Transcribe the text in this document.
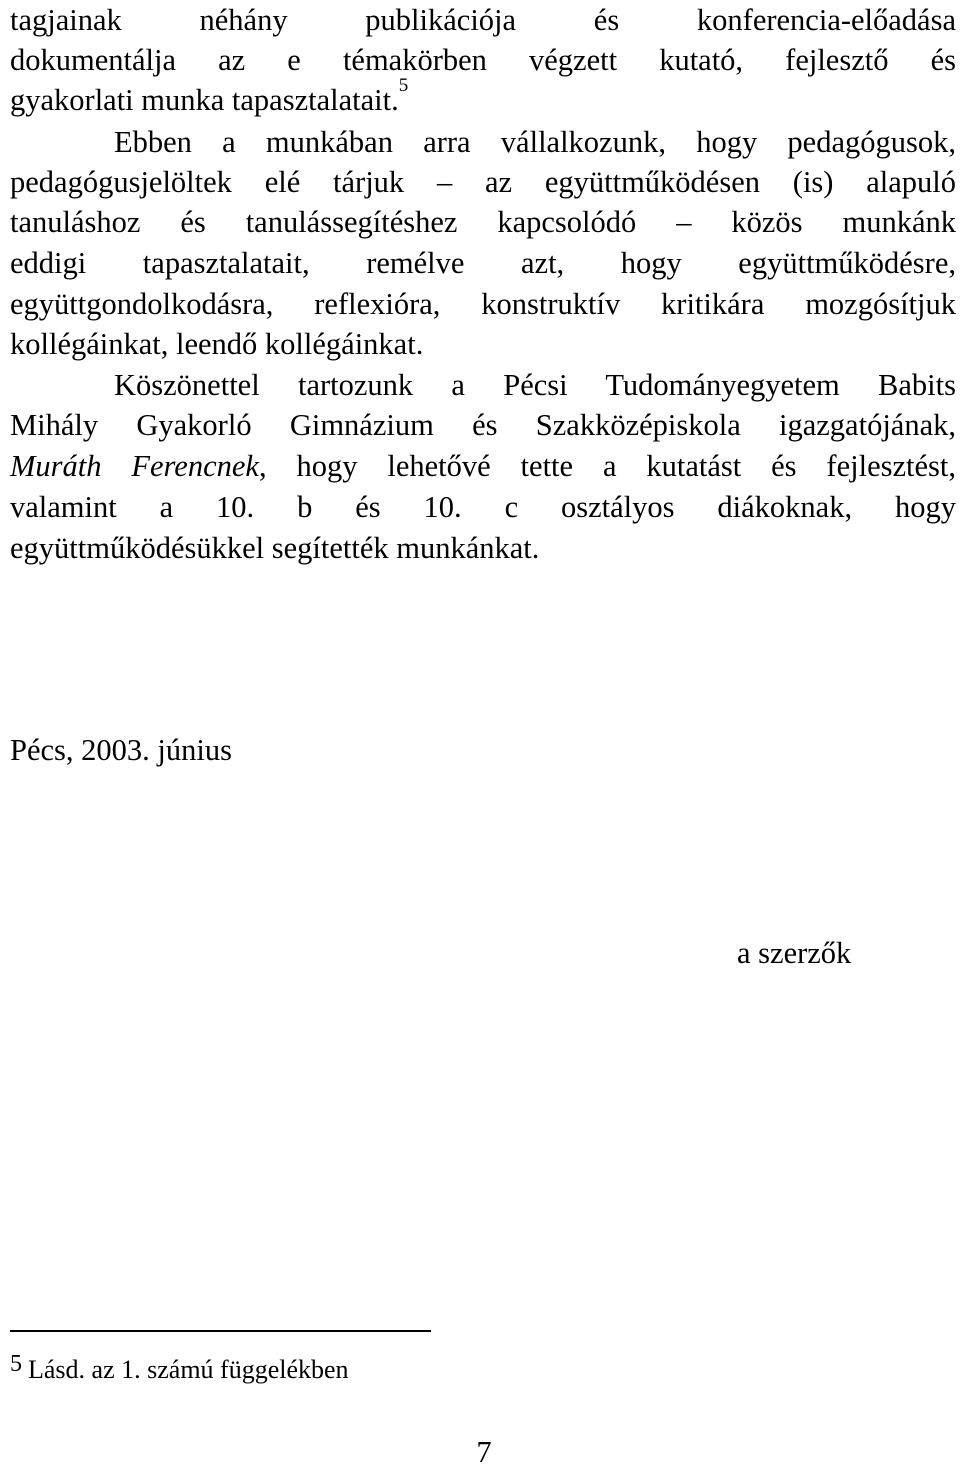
tagjainak néhány publikációja és konferencia-előadása
dokumentálja az e témakörben végzett kutató, fejlesztő és
gyakorlati munka tapasztalatait.$^5$
Ebben a munkában arra vállalkozunk, hogy pedagógusok,
pedagógusjelöltek elé tárjuk – az együttműködésen (is) alapuló
tanuláshoz és tanulássegítéshez kapcsolódó – közös munkánk
eddigi tapasztalatait, remélve azt, hogy együttműködésre,
együttgondolkodásra, reflexióra, konstruktív kritikára mozgósítjuk
kollégáinkat, leendő kollégáinkat.
Köszönettel tartozunk a Pécsi Tudományegyetem Babits
Mihály Gyakorló Gimnázium és Szakközépiskola igazgatójának,
Muráth Ferencnek, hogy lehetővé tette a kutatást és fejlesztést,
valamint a 10. b és 10. c osztályos diákoknak, hogy
együttműködésükkel segítették munkánkat.
Pécs, 2003. június
a szerzők
5 Lásd. az 1. számú függelékben
7
